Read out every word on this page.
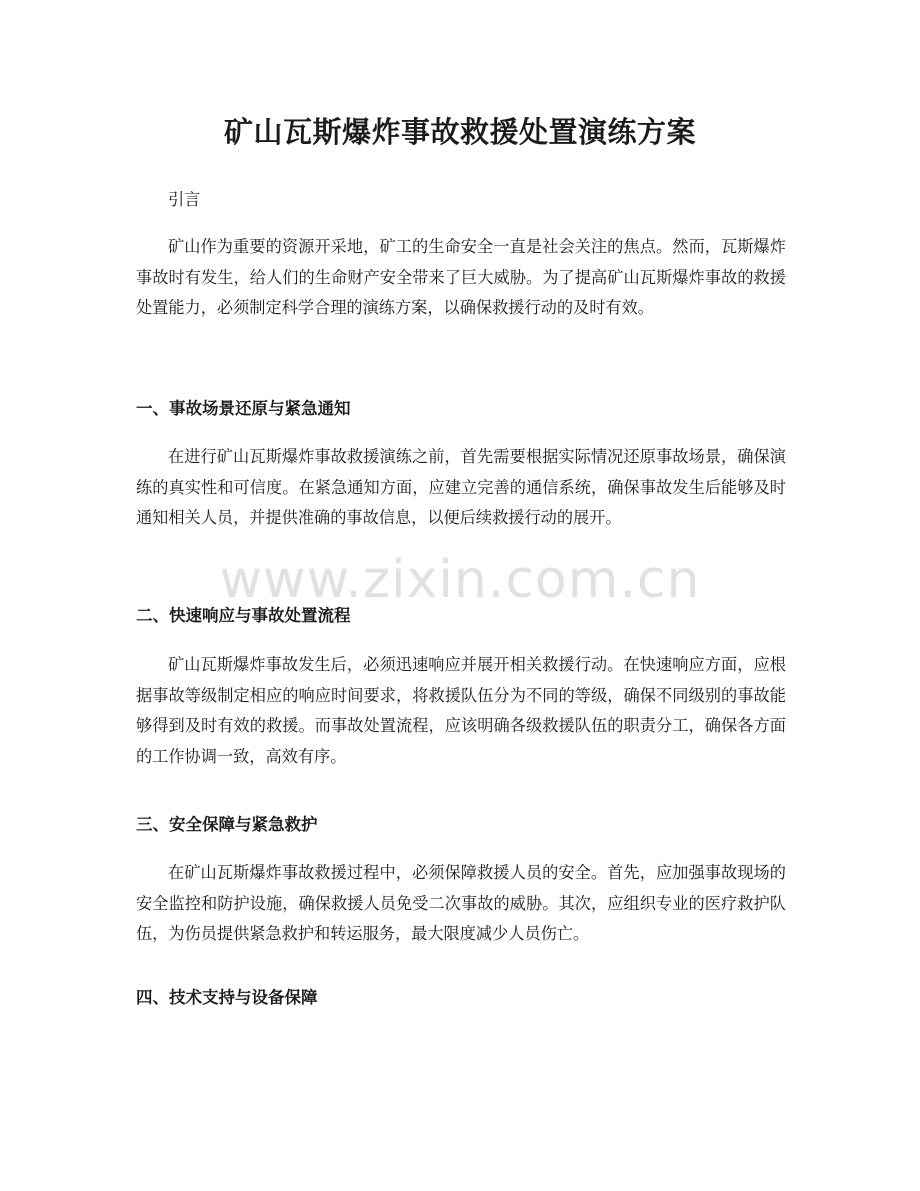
矿山瓦斯爆炸事故救援处置演练方案

引言

矿山作为重要的资源开采地，矿工的生命安全一直是社会关注的焦点。然而，瓦斯爆炸事故时有发生，给人们的生命财产安全带来了巨大威胁。为了提高矿山瓦斯爆炸事故的救援处置能力，必须制定科学合理的演练方案，以确保救援行动的及时有效。

一、事故场景还原与紧急通知

在进行矿山瓦斯爆炸事故救援演练之前，首先需要根据实际情况还原事故场景，确保演练的真实性和可信度。在紧急通知方面，应建立完善的通信系统，确保事故发生后能够及时通知相关人员，并提供准确的事故信息，以便后续救援行动的展开。

二、快速响应与事故处置流程

矿山瓦斯爆炸事故发生后，必须迅速响应并展开相关救援行动。在快速响应方面，应根据事故等级制定相应的响应时间要求，将救援队伍分为不同的等级，确保不同级别的事故能够得到及时有效的救援。而事故处置流程，应该明确各级救援队伍的职责分工，确保各方面的工作协调一致，高效有序。

三、安全保障与紧急救护

在矿山瓦斯爆炸事故救援过程中，必须保障救援人员的安全。首先，应加强事故现场的安全监控和防护设施，确保救援人员免受二次事故的威胁。其次，应组织专业的医疗救护队伍，为伤员提供紧急救护和转运服务，最大限度减少人员伤亡。

四、技术支持与设备保障
www.zixin.com.cn
